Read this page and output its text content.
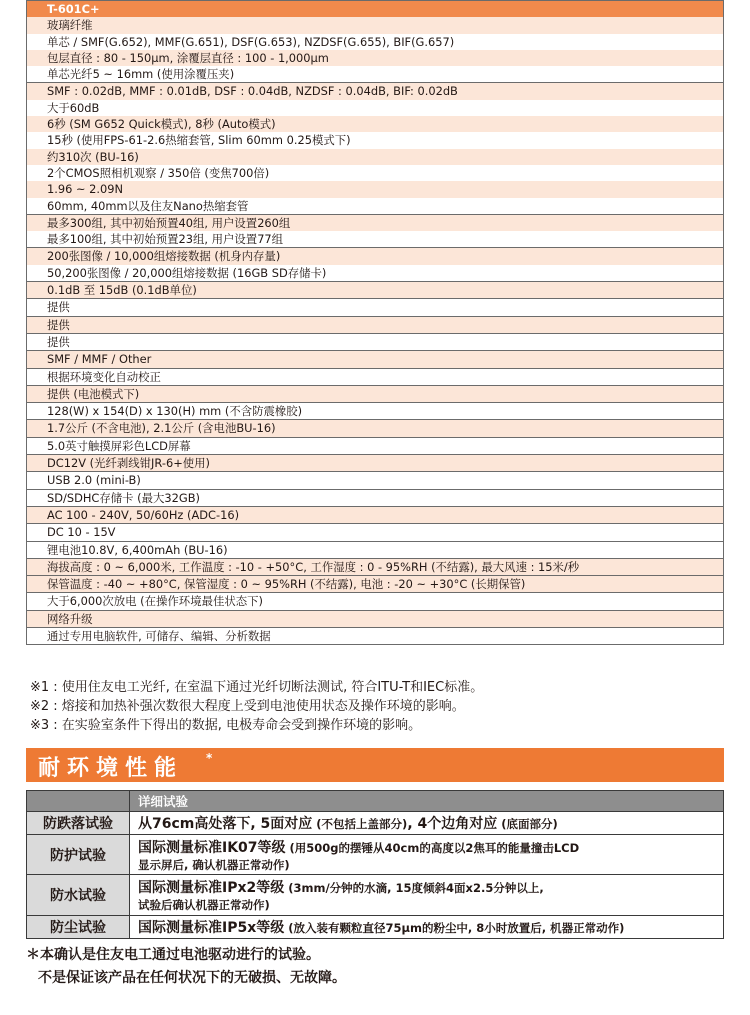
T-601C+
玻璃纤维
单芯 / SMF(G.652), MMF(G.651), DSF(G.653), NZDSF(G.655), BIF(G.657)
包层直径 : 80 - 150µm, 涂覆层直径 : 100 - 1,000µm
单芯光纤5 ~ 16mm (使用涂覆压夹)
SMF : 0.02dB, MMF : 0.01dB, DSF : 0.04dB, NZDSF : 0.04dB, BIF: 0.02dB
大于60dB
6秒 (SM G652 Quick模式), 8秒 (Auto模式)
15秒 (使用FPS-61-2.6热缩套管, Slim 60mm 0.25模式下)
约310次 (BU-16)
2个CMOS照相机观察 / 350倍 (变焦700倍)
1.96 ~ 2.09N
60mm, 40mm以及住友Nano热缩套管
最多300组, 其中初始预置40组, 用户设置260组
最多100组, 其中初始预置23组, 用户设置77组
200张图像 / 10,000组熔接数据 (机身内存量)
50,200张图像 / 20,000组熔接数据 (16GB SD存储卡)
0.1dB 至 15dB (0.1dB单位)
提供
提供
提供
SMF / MMF / Other
根据环境变化自动校正
提供 (电池模式下)
128(W) x 154(D) x 130(H) mm (不含防震橡胶)
1.7公斤 (不含电池), 2.1公斤 (含电池BU-16)
5.0英寸触摸屏彩色LCD屏幕
DC12V (光纤剥线钳JR-6+使用)
USB 2.0 (mini-B)
SD/SDHC存储卡 (最大32GB)
AC 100 - 240V, 50/60Hz (ADC-16)
DC 10 - 15V
锂电池10.8V, 6,400mAh (BU-16)
海拔高度 : 0 ~ 6,000米, 工作温度 : -10 - +50°C, 工作湿度 : 0 - 95%RH (不结露), 最大风速 : 15米/秒
保管温度 : -40 ~ +80°C, 保管湿度 : 0 ~ 95%RH (不结露), 电池 : -20 ~ +30°C (长期保管)
大于6,000次放电 (在操作环境最佳状态下)
网络升级
通过专用电脑软件, 可储存、编辑、分析数据
※1 : 使用住友电工光纤, 在室温下通过光纤切断法测试, 符合ITU-T和IEC标准。
※2 : 熔接和加热补强次数很大程度上受到电池使用状态及操作环境的影响。
※3 : 在实验室条件下得出的数据, 电极寿命会受到操作环境的影响。
耐环境性能 *
	详细试验
防跌落试验	从76cm高处落下, 5面对应 (不包括上盖部分), 4个边角对应 (底面部分)
防护试验	国际测量标准IK07等级 (用500g的摆锤从40cm的高度以2焦耳的能量撞击LCD
显示屏后, 确认机器正常动作)

防水试验	国际测量标准IPx2等级 (3mm/分钟的水滴, 15度倾斜4面x2.5分钟以上,
试验后确认机器正常动作)

防尘试验	国际测量标准IP5x等级 (放入装有颗粒直径75µm的粉尘中, 8小时放置后, 机器正常动作)
＊本确认是住友电工通过电池驱动进行的试验。
不是保证该产品在任何状况下的无破损、无故障。
